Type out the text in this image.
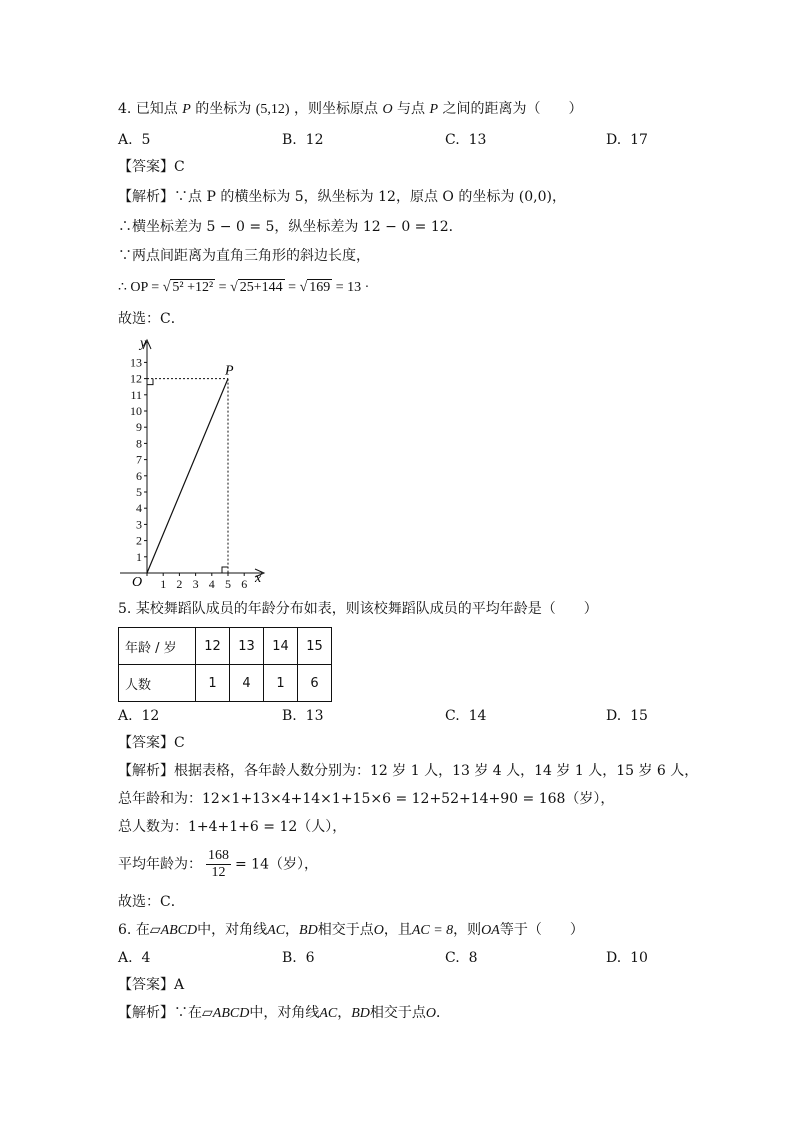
4. 已知点 P 的坐标为 (5,12) ，则坐标原点 O 与点 P 之间的距离为（　　）
A. 5	B. 12	C. 13	D. 17
【答案】C
【解析】∵点 P 的横坐标为 5，纵坐标为 12，原点 O 的坐标为 (0,0)，
∴横坐标差为 5 − 0 = 5，纵坐标差为 12 − 0 = 12．
∵两点间距离为直角三角形的斜边长度，
∴ OP = √ 5² +12² = √ 25+144 = √ 169 = 13 ·
故选：C．
1
2
3
4
5
6
7
8
9
10
11
12
13
1 2 3 4 5 6
y
x
O
P
5. 某校舞蹈队成员的年龄分布如表，则该校舞蹈队成员的平均年龄是（　　）
年龄 / 岁	12	13	14	15
人数	1	4	1	6
A. 12	B. 13	C. 14	D. 15
【答案】C
【解析】根据表格，各年龄人数分别为：12 岁 1 人，13 岁 4 人，14 岁 1 人，15 岁 6 人，
总年龄和为：12×1+13×4+14×1+15×6 = 12+52+14+90 = 168（岁），
总人数为：1+4+1+6 = 12（人），
平均年龄为： $\frac{168}{12} = 14$（岁），
故选：C．
6. 在▱ABCD中，对角线AC，BD相交于点O，且AC = 8，则OA等于（　　）
A. 4	B. 6	C. 8	D. 10
【答案】A
【解析】∵在▱ABCD中，对角线AC，BD相交于点O．
